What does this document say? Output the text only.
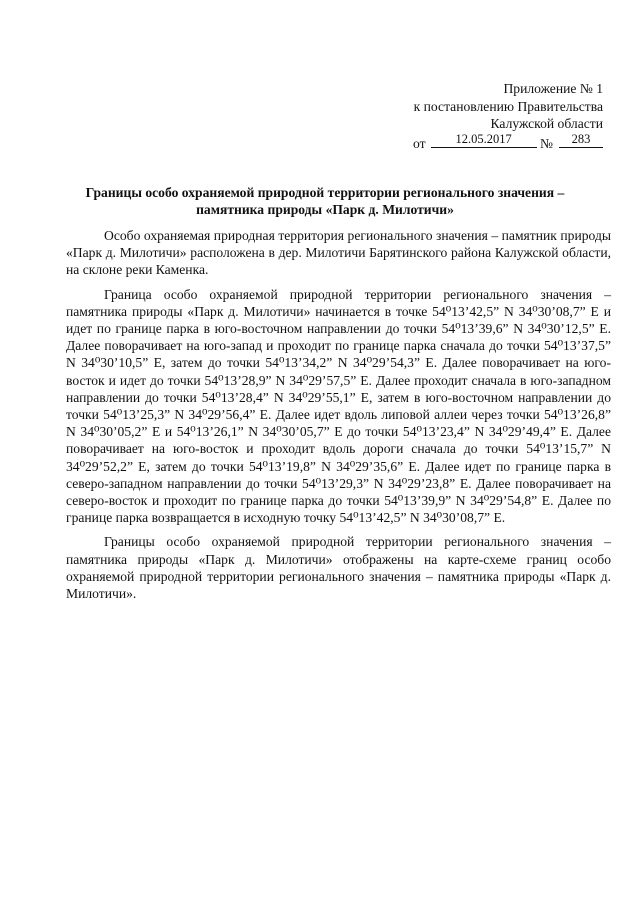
Приложение № 1
к постановлению Правительства
Калужской области
от	12.05.2017	№	283
Границы особо охраняемой природной территории регионального значения –
памятника природы «Парк д. Милотичи»

Особо охраняемая природная территория регионального значения – памятник природы «Парк д. Милотичи» расположена в дер. Милотичи Барятинского района Калужской области, на склоне реки Каменка.

Граница особо охраняемой природной территории регионального значения – памятника природы «Парк д. Милотичи» начинается в точке 54⁰13’42,5” N 34⁰30’08,7” E и идет по границе парка в юго-восточном направлении до точки 54⁰13’39,6” N 34⁰30’12,5” E. Далее поворачивает на юго-запад и проходит по границе парка сначала до точки 54⁰13’37,5” N 34⁰30’10,5” E, затем до точки 54⁰13’34,2” N 34⁰29’54,3” E. Далее поворачивает на юго-восток и идет до точки 54⁰13’28,9” N 34⁰29’57,5” E. Далее проходит сначала в юго-западном направлении до точки 54⁰13’28,4” N 34⁰29’55,1” E, затем в юго-восточном направлении до точки 54⁰13’25,3” N 34⁰29’56,4” E. Далее идет вдоль липовой аллеи через точки 54⁰13’26,8” N 34⁰30’05,2” E и 54⁰13’26,1” N 34⁰30’05,7” E до точки 54⁰13’23,4” N 34⁰29’49,4” E. Далее поворачивает на юго-восток и проходит вдоль дороги сначала до точки 54⁰13’15,7” N 34⁰29’52,2” E, затем до точки 54⁰13’19,8” N 34⁰29’35,6” E. Далее идет по границе парка в северо-западном направлении до точки 54⁰13’29,3” N 34⁰29’23,8” E. Далее поворачивает на северо-восток и проходит по границе парка до точки 54⁰13’39,9” N 34⁰29’54,8” E. Далее по границе парка возвращается в исходную точку 54⁰13’42,5” N 34⁰30’08,7” E.

Границы особо охраняемой природной территории регионального значения – памятника природы «Парк д. Милотичи» отображены на карте-схеме границ особо охраняемой природной территории регионального значения – памятника природы «Парк д. Милотичи».
